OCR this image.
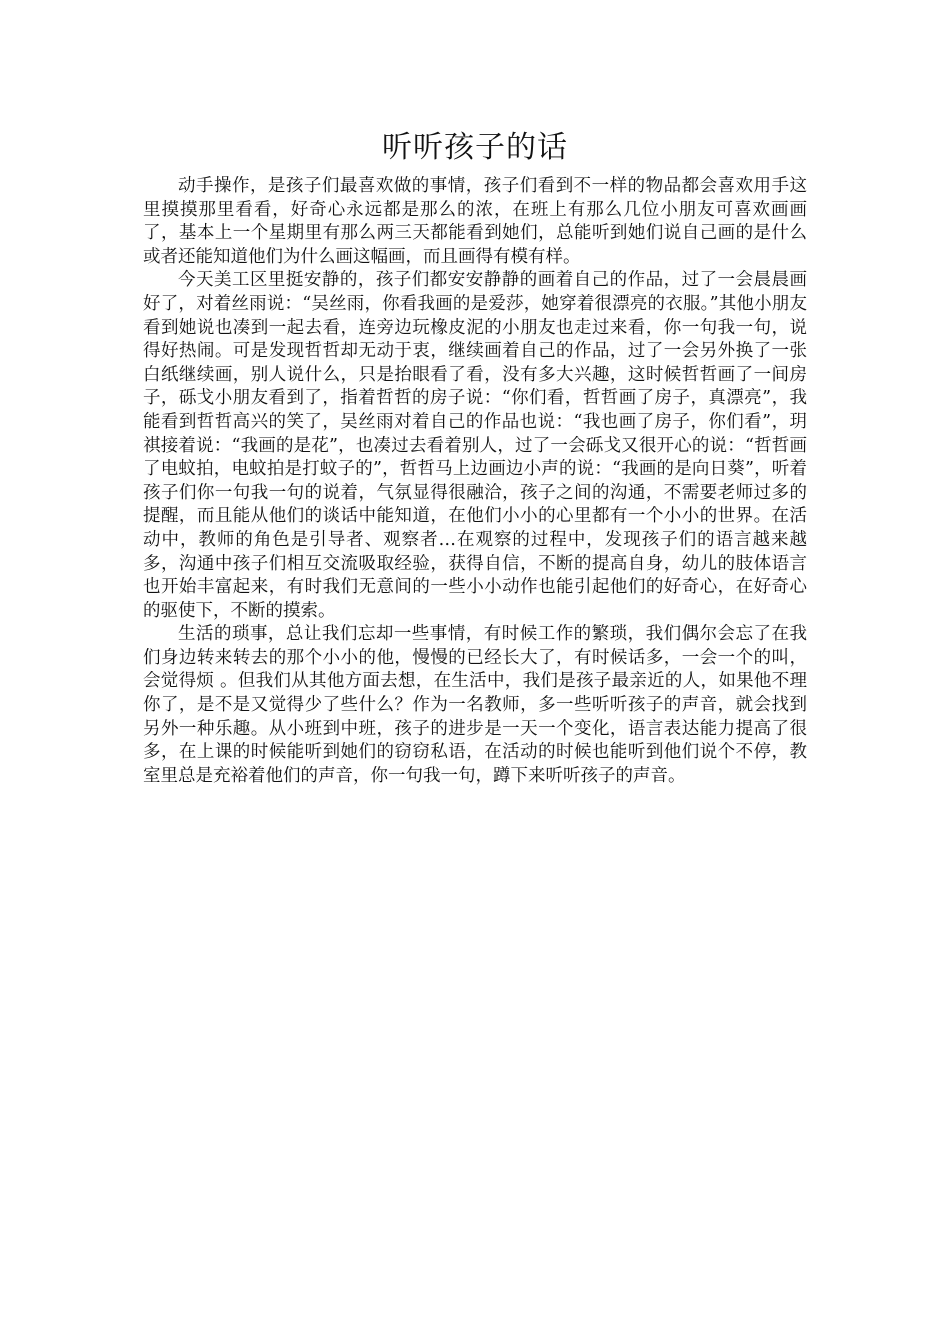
听听孩子的话

动手操作，是孩子们最喜欢做的事情，孩子们看到不一样的物品都会喜欢用手这里摸摸那里看看，好奇心永远都是那么的浓，在班上有那么几位小朋友可喜欢画画了，基本上一个星期里有那么两三天都能看到她们，总能听到她们说自己画的是什么或者还能知道他们为什么画这幅画，而且画得有模有样。

今天美工区里挺安静的，孩子们都安安静静的画着自己的作品，过了一会晨晨画好了，对着丝雨说：“吴丝雨，你看我画的是爱莎，她穿着很漂亮的衣服。”其他小朋友看到她说也凑到一起去看，连旁边玩橡皮泥的小朋友也走过来看，你一句我一句，说得好热闹。可是发现哲哲却无动于衷，继续画着自己的作品，过了一会另外换了一张白纸继续画，别人说什么，只是抬眼看了看，没有多大兴趣，这时候哲哲画了一间房子，砾戈小朋友看到了，指着哲哲的房子说：“你们看，哲哲画了房子，真漂亮”，我能看到哲哲高兴的笑了，吴丝雨对着自己的作品也说：“我也画了房子，你们看”，玥祺接着说：“我画的是花”，也凑过去看着别人，过了一会砾戈又很开心的说：“哲哲画了电蚊拍，电蚊拍是打蚊子的”，哲哲马上边画边小声的说：“我画的是向日葵”，听着孩子们你一句我一句的说着，气氛显得很融洽，孩子之间的沟通，不需要老师过多的提醒，而且能从他们的谈话中能知道，在他们小小的心里都有一个小小的世界。在活动中，教师的角色是引导者、观察者…在观察的过程中，发现孩子们的语言越来越多，沟通中孩子们相互交流吸取经验，获得自信，不断的提高自身，幼儿的肢体语言也开始丰富起来，有时我们无意间的一些小小动作也能引起他们的好奇心，在好奇心的驱使下，不断的摸索。

生活的琐事，总让我们忘却一些事情，有时候工作的繁琐，我们偶尔会忘了在我们身边转来转去的那个小小的他，慢慢的已经长大了，有时候话多，一会一个的叫，会觉得烦 。但我们从其他方面去想，在生活中，我们是孩子最亲近的人，如果他不理你了，是不是又觉得少了些什么？作为一名教师，多一些听听孩子的声音，就会找到另外一种乐趣。从小班到中班，孩子的进步是一天一个变化，语言表达能力提高了很多，在上课的时候能听到她们的窃窃私语，在活动的时候也能听到他们说个不停，教室里总是充裕着他们的声音，你一句我一句，蹲下来听听孩子的声音。
